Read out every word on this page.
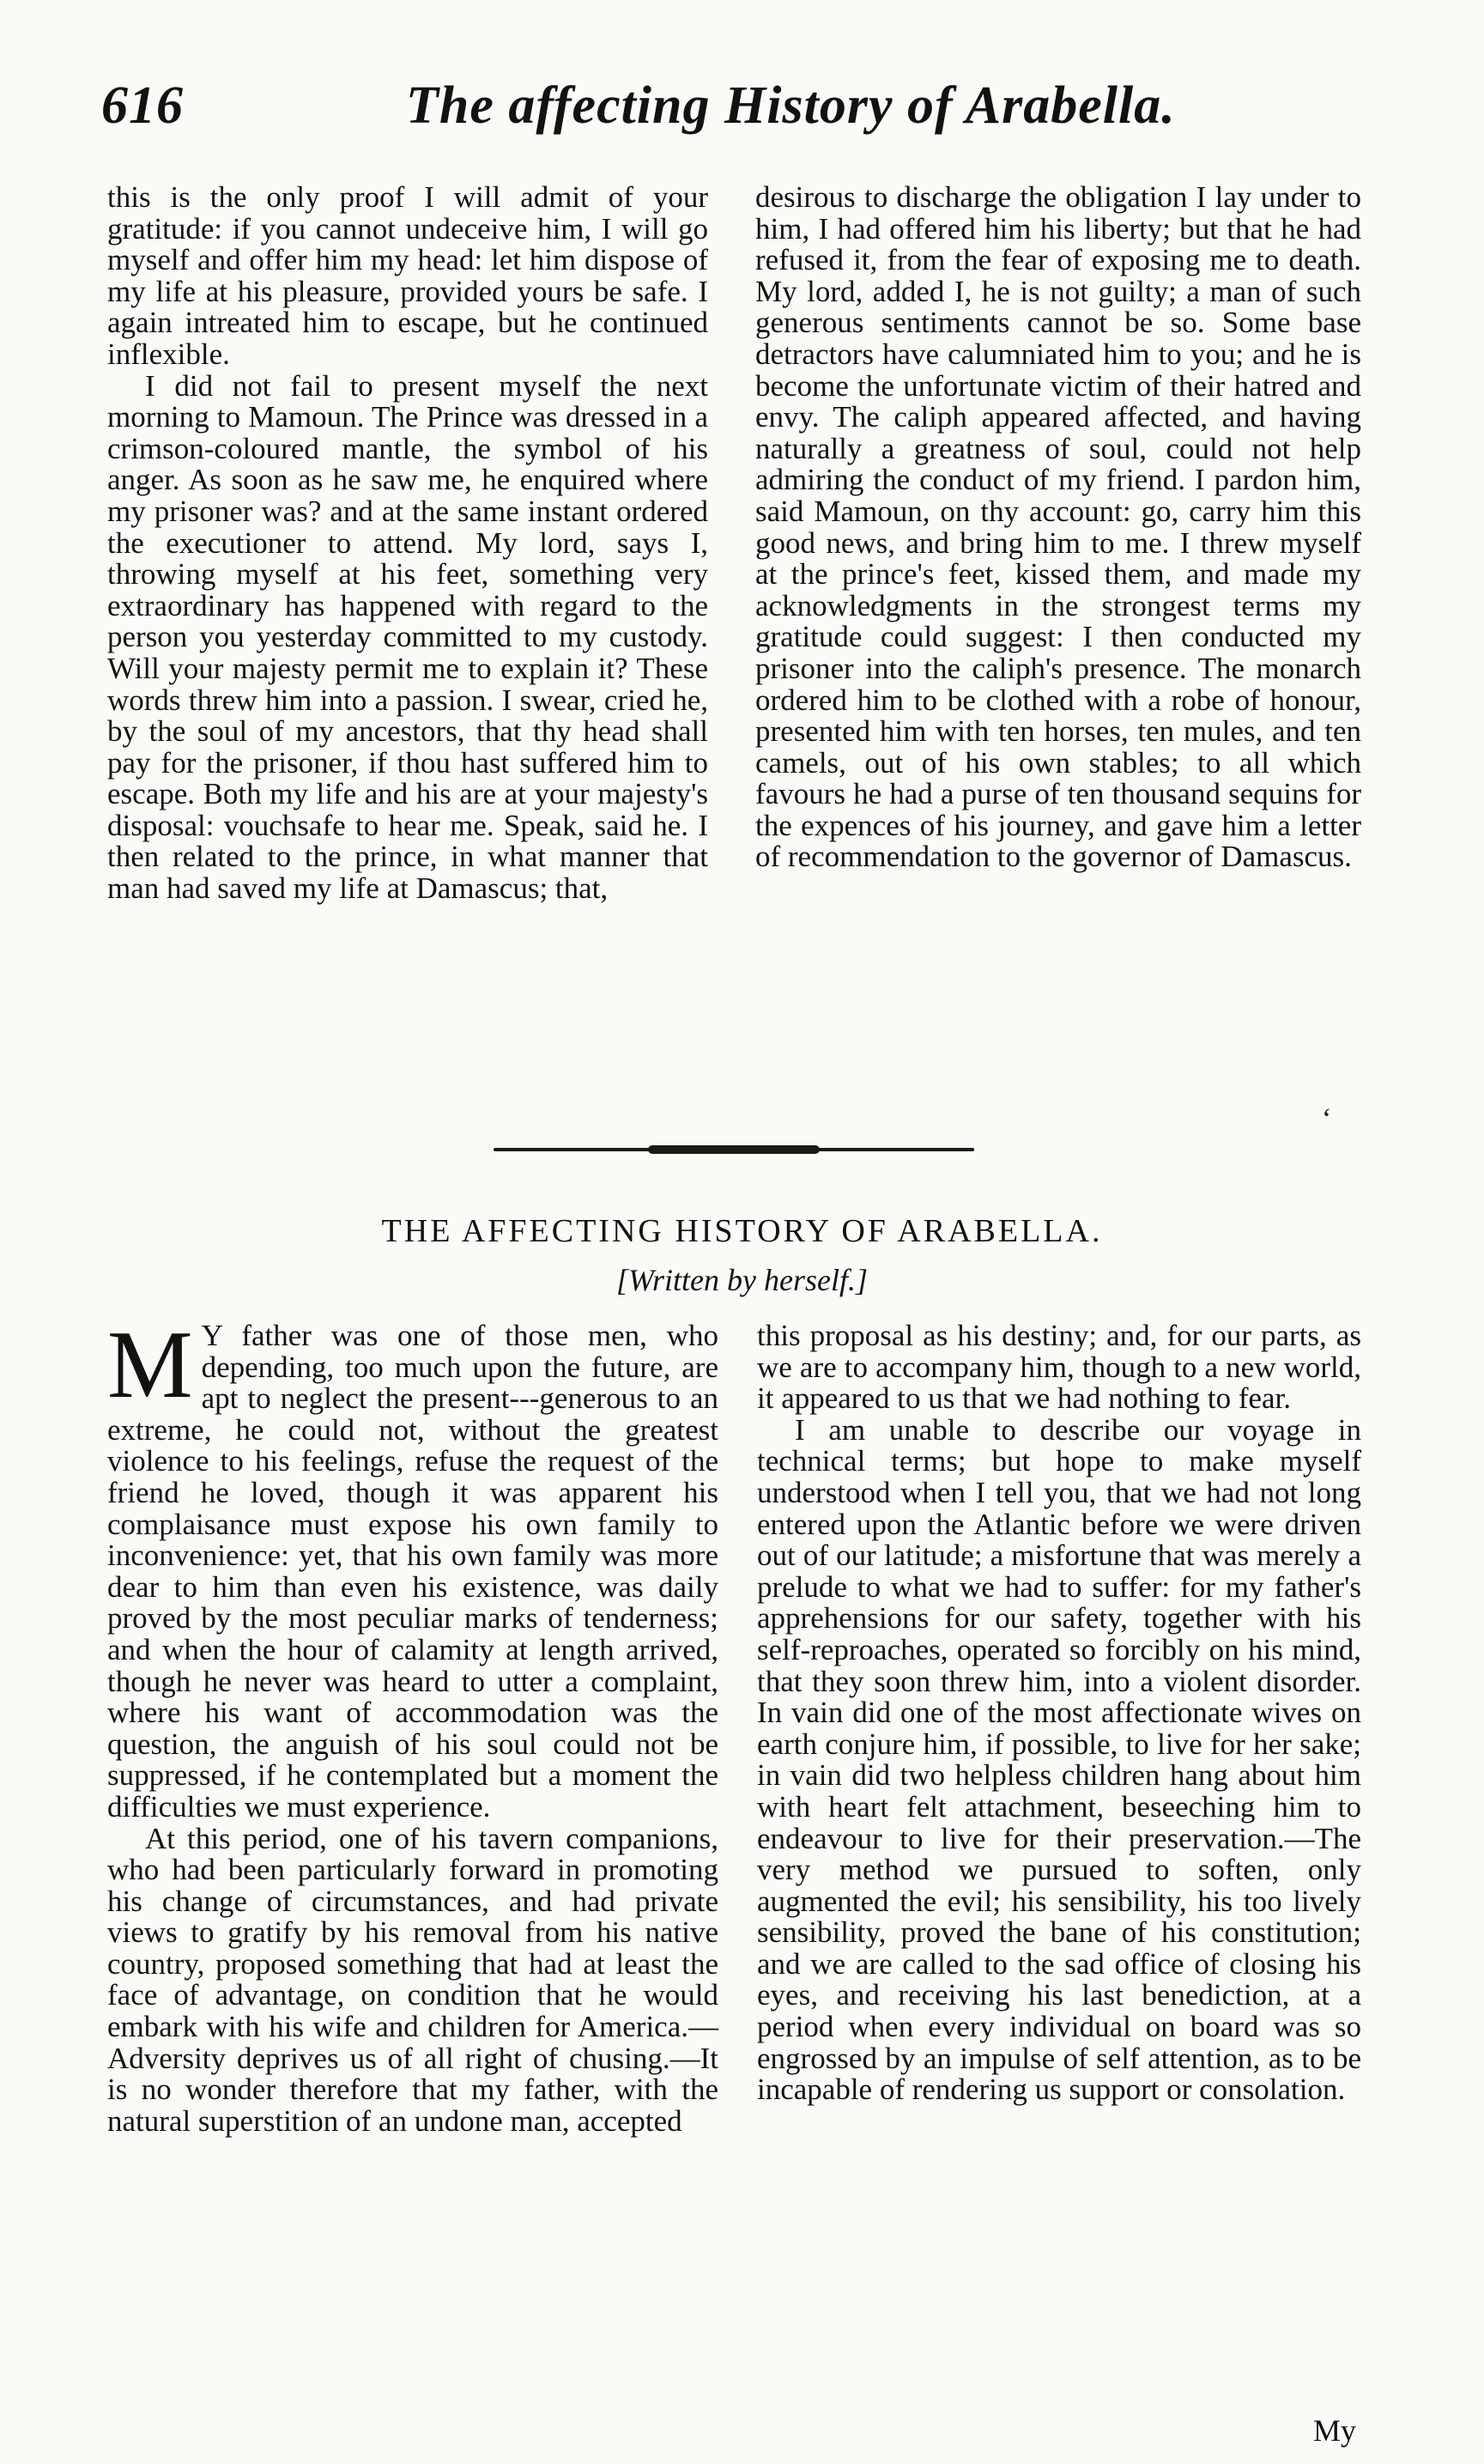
616	The affecting History of Arabella.

this is the only proof I will admit of your gratitude: if you cannot undeceive him, I will go myself and offer him my head: let him dispose of my life at his pleasure, provided yours be safe. I again intreated him to escape, but he continued inflexible.

I did not fail to present myself the next morning to Mamoun. The Prince was dressed in a crimson-coloured mantle, the symbol of his anger. As soon as he saw me, he enquired where my prisoner was? and at the same instant ordered the executioner to attend. My lord, says I, throwing myself at his feet, something very extraordinary has happened with regard to the person you yesterday committed to my custody. Will your majesty permit me to explain it? These words threw him into a passion. I swear, cried he, by the soul of my ancestors, that thy head shall pay for the prisoner, if thou hast suffered him to escape. Both my life and his are at your majesty's disposal: vouchsafe to hear me. Speak, said he. I then related to the prince, in what manner that man had saved my life at Damascus; that,

desirous to discharge the obligation I lay under to him, I had offered him his liberty; but that he had refused it, from the fear of exposing me to death. My lord, added I, he is not guilty; a man of such generous sentiments cannot be so. Some base detractors have calumniated him to you; and he is become the unfortunate victim of their hatred and envy. The caliph appeared affected, and having naturally a greatness of soul, could not help admiring the conduct of my friend. I pardon him, said Mamoun, on thy account: go, carry him this good news, and bring him to me. I threw myself at the prince's feet, kissed them, and made my acknowledgments in the strongest terms my gratitude could suggest: I then conducted my prisoner into the caliph's presence. The monarch ordered him to be clothed with a robe of honour, presented him with ten horses, ten mules, and ten camels, out of his own stables; to all which favours he had a purse of ten thousand sequins for the expences of his journey, and gave him a letter of recommendation to the governor of Damascus.

ʻ
THE AFFECTING HISTORY OF ARABELLA.
[Written by herself.]

M Y father was one of those men, who depending, too much upon the future, are apt to neglect the present---generous to an extreme, he could not, without the greatest violence to his feelings, refuse the request of the friend he loved, though it was apparent his complaisance must expose his own family to inconvenience: yet, that his own family was more dear to him than even his existence, was daily proved by the most peculiar marks of tenderness; and when the hour of calamity at length arrived, though he never was heard to utter a complaint, where his want of accommodation was the question, the anguish of his soul could not be suppressed, if he contemplated but a moment the difficulties we must experience.

At this period, one of his tavern companions, who had been particularly forward in promoting his change of circumstances, and had private views to gratify by his removal from his native country, proposed something that had at least the face of advantage, on condition that he would embark with his wife and children for America.—Adversity deprives us of all right of chusing.—It is no wonder therefore that my father, with the natural superstition of an undone man, accepted

this proposal as his destiny; and, for our parts, as we are to accompany him, though to a new world, it appeared to us that we had nothing to fear.

I am unable to describe our voyage in technical terms; but hope to make myself understood when I tell you, that we had not long entered upon the Atlantic before we were driven out of our latitude; a misfortune that was merely a prelude to what we had to suffer: for my father's apprehensions for our safety, together with his self-reproaches, operated so forcibly on his mind, that they soon threw him, into a violent disorder. In vain did one of the most affectionate wives on earth conjure him, if possible, to live for her sake; in vain did two helpless children hang about him with heart felt attachment, beseeching him to endeavour to live for their preservation.—The very method we pursued to soften, only augmented the evil; his sensibility, his too lively sensibility, proved the bane of his constitution; and we are called to the sad office of closing his eyes, and receiving his last benediction, at a period when every individual on board was so engrossed by an impulse of self attention, as to be incapable of rendering us support or consolation.

My
